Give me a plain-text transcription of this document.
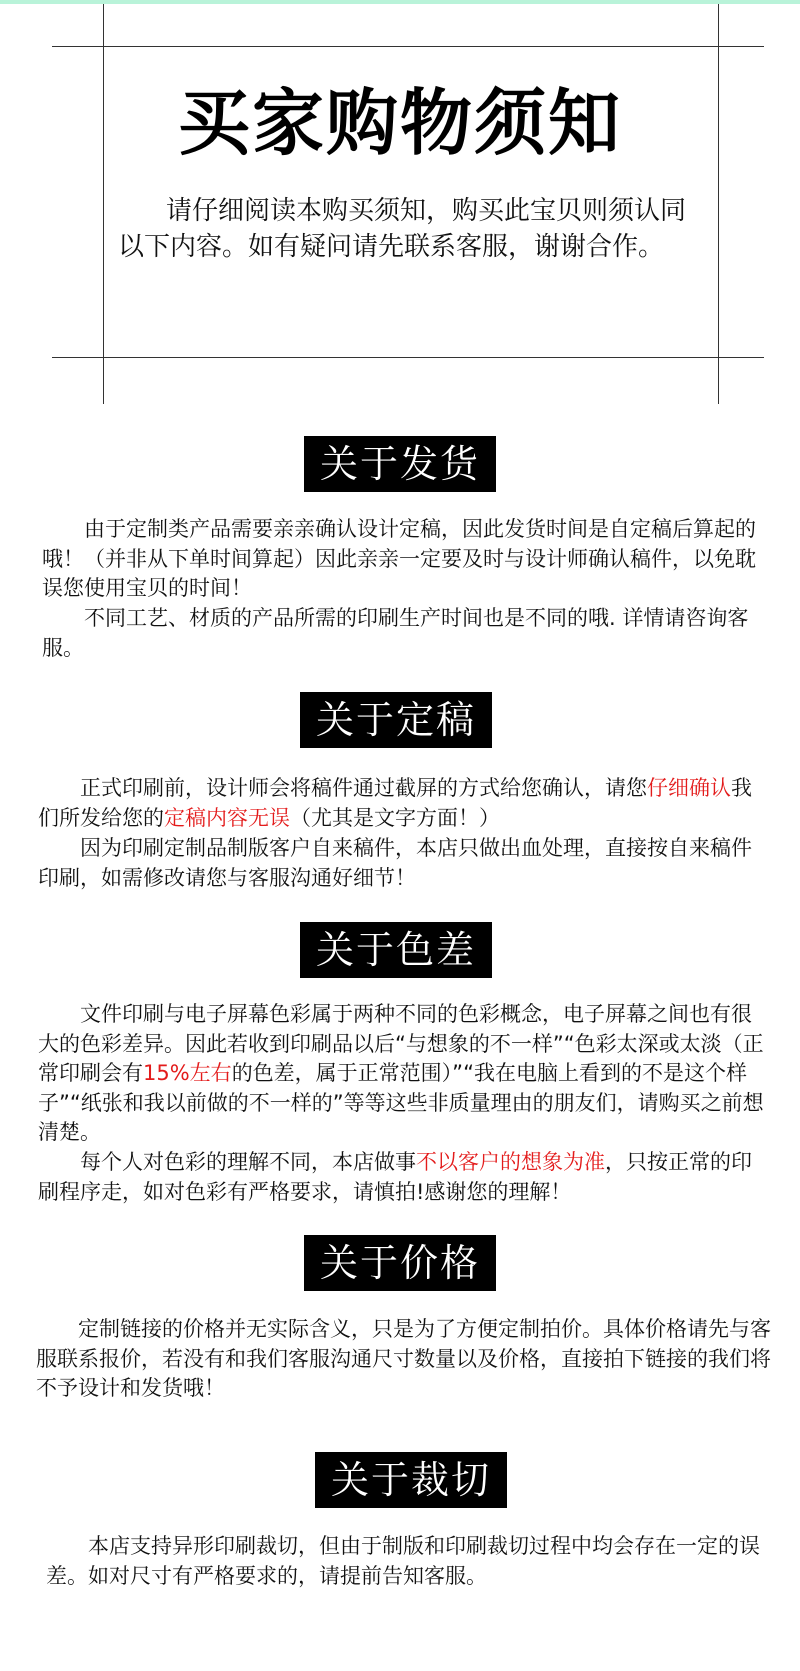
买家购物须知
请仔细阅读本购买须知，购买此宝贝则须认同以下内容。如有疑问请先联系客服，谢谢合作。
关于发货

由于定制类产品需要亲亲确认设计定稿，因此发货时间是自定稿后算起的哦！（并非从下单时间算起）因此亲亲一定要及时与设计师确认稿件，以免耽误您使用宝贝的时间！

不同工艺、材质的产品所需的印刷生产时间也是不同的哦. 详情请咨询客服。

关于定稿

正式印刷前，设计师会将稿件通过截屏的方式给您确认，请您仔细确认我们所发给您的定稿内容无误（尤其是文字方面！）

因为印刷定制品制版客户自来稿件，本店只做出血处理，直接按自来稿件印刷，如需修改请您与客服沟通好细节！

关于色差

文件印刷与电子屏幕色彩属于两种不同的色彩概念，电子屏幕之间也有很大的色彩差异。因此若收到印刷品以后“与想象的不一样”“色彩太深或太淡（正常印刷会有15%左右的色差，属于正常范围）”“我在电脑上看到的不是这个样子”“纸张和我以前做的不一样的”等等这些非质量理由的朋友们，请购买之前想清楚。

每个人对色彩的理解不同，本店做事不以客户的想象为准，只按正常的印刷程序走，如对色彩有严格要求，请慎拍!感谢您的理解！

关于价格

定制链接的价格并无实际含义，只是为了方便定制拍价。具体价格请先与客服联系报价，若没有和我们客服沟通尺寸数量以及价格，直接拍下链接的我们将不予设计和发货哦！

关于裁切

本店支持异形印刷裁切，但由于制版和印刷裁切过程中均会存在一定的误差。如对尺寸有严格要求的，请提前告知客服。
